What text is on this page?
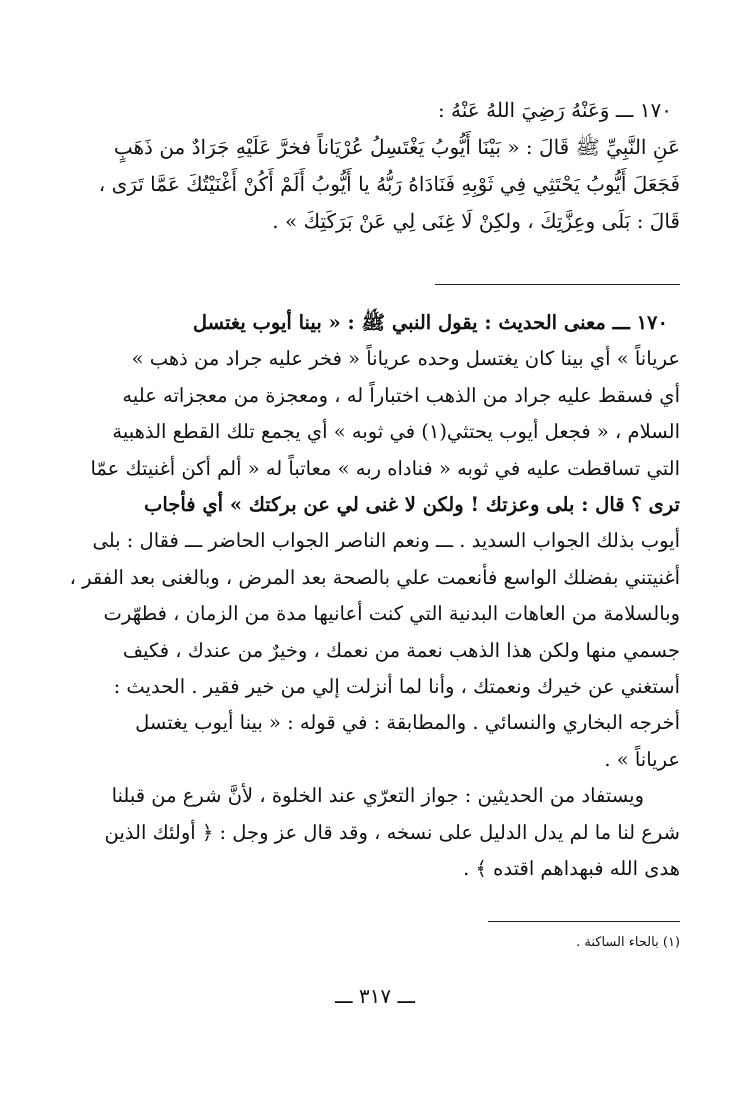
١٧٠ ـــ وَعَنْهُ رَضِيَ اللهُ عَنْهُ :
عَنِ النَّبِيِّ ﷺ قَالَ : « بَيْنَا أَيُّوبُ يَغْتَسِلُ عُرْيَاناً فخرَّ عَلَيْهِ جَرَادٌ من ذَهَبٍ
فَجَعَلَ أَيُّوبُ يَحْتَثِي فِي ثَوْبِهِ فَنَادَاهُ رَبُّهُ يا أَيُّوبُ أَلَمْ أَكُنْ أَغْنَيْتُكَ عَمَّا تَرَى ،
قَالَ : بَلَى وعِزَّتِكَ ، ولكِنْ لَا غِنَى لِي عَنْ بَرَكَتِكَ » .
١٧٠ ـــ معنى الحديث : يقول النبي ﷺ : « بينا أيوب يغتسل
عرياناً » أي بينا كان يغتسل وحده عرياناً « فخر عليه جراد من ذهب »
أي فسقط عليه جراد من الذهب اختباراً له ، ومعجزة من معجزاته عليه
السلام ، « فجعل أيوب يحتثي(١) في ثوبه » أي يجمع تلك القطع الذهبية
التي تساقطت عليه في ثوبه « فناداه ربه » معاتباً له « ألم أكن أغنيتك عمّا
ترى ؟ قال : بلى وعزتك ! ولكن لا غنى لي عن بركتك » أي فأجاب
أيوب بذلك الجواب السديد . ـــ ونعم الناصر الجواب الحاضر ـــ فقال : بلى
أغنيتني بفضلك الواسع فأنعمت علي بالصحة بعد المرض ، وبالغنى بعد الفقر ،
وبالسلامة من العاهات البدنية التي كنت أعانيها مدة من الزمان ، فطهّرت
جسمي منها ولكن هذا الذهب نعمة من نعمك ، وخيرٌ من عندك ، فكيف
أستغني عن خيرك ونعمتك ، وأنا لما أنزلت إلي من خير فقير . الحديث :
أخرجه البخاري والنسائي . والمطابقة : في قوله : « بينا أيوب يغتسل
عرياناً » .
ويستفاد من الحديثين : جواز التعرّي عند الخلوة ، لأنَّ شرع من قبلنا
شرع لنا ما لم يدل الدليل على نسخه ، وقد قال عز وجل : ﴿ أولئك الذين
هدى الله فبهداهم اقتده ﴾ .
(١) بالحاء الساكنة .
ـــ ٣١٧ ـــ
